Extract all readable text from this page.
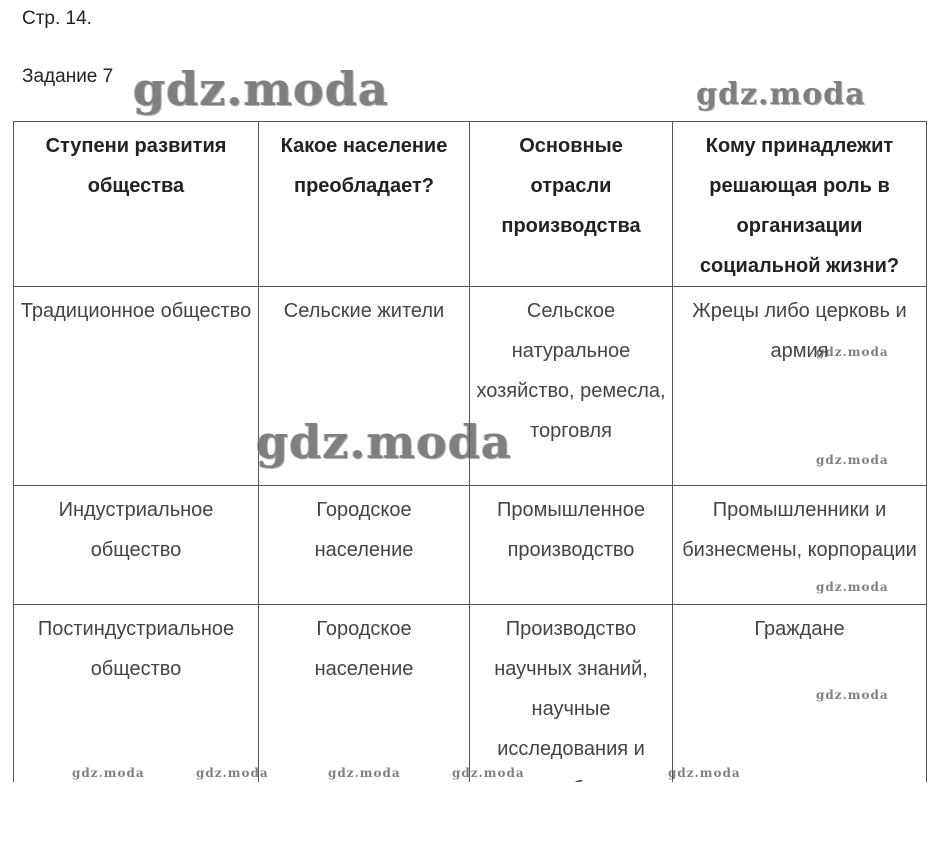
Стр. 14.
Задание 7
Ступени развития общества	Какое население преобладает?	Основные отрасли производства	Кому принадлежит решающая роль в организации социальной жизни?
Традиционное общество	Сельские жители	Сельское натуральное хозяйство, ремесла, торговля	Жрецы либо церковь и армия
Индустриальное общество	Городское население	Промышленное производство	Промышленники и бизнесмены, корпорации
Постиндустриальное общество	Городское население	Производство научных знаний, научные исследования и	Граждане
gdz.moda	gdz.moda
gdz.moda
gdz.moda
gdz.moda
gdz.moda
gdz.moda
gdz.moda	gdz.moda	gdz.moda	gdz.moda	gdz.moda
